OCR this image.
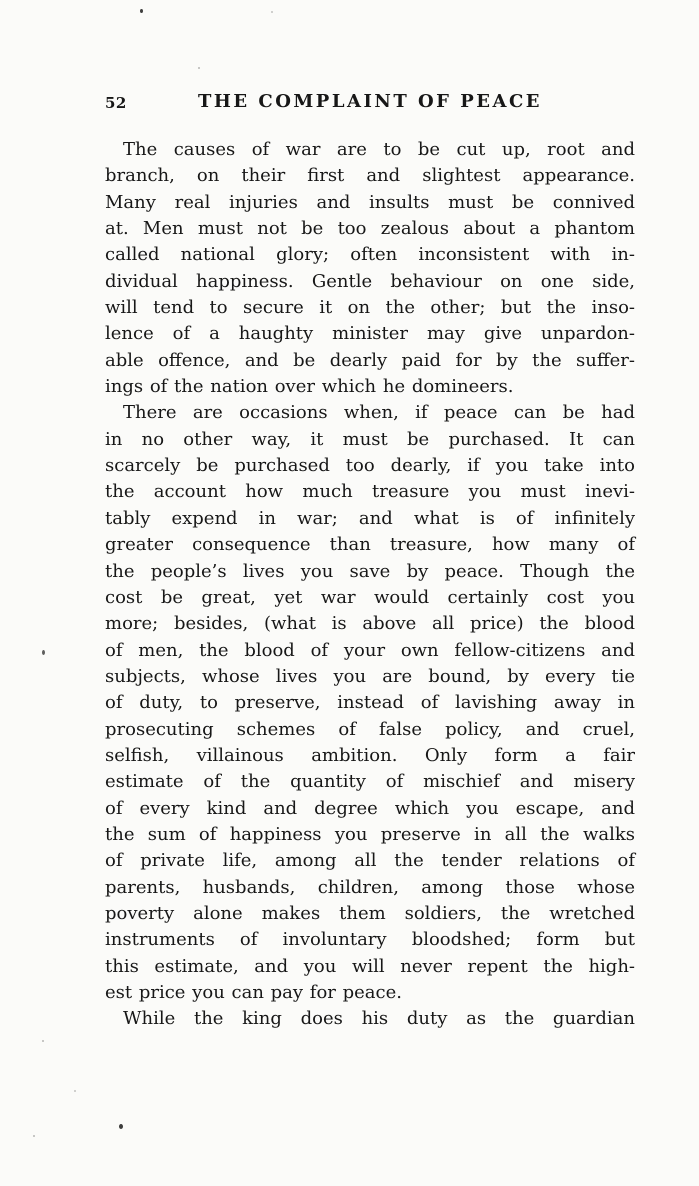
52	THE COMPLAINT OF PEACE
The causes of war are to be cut up, root and
branch, on their first and slightest appearance.
Many real injuries and insults must be connived
at. Men must not be too zealous about a phantom
called national glory; often inconsistent with in-
dividual happiness. Gentle behaviour on one side,
will tend to secure it on the other; but the inso-
lence of a haughty minister may give unpardon-
able offence, and be dearly paid for by the suffer-
ings of the nation over which he domineers.
There are occasions when, if peace can be had
in no other way, it must be purchased. It can
scarcely be purchased too dearly, if you take into
the account how much treasure you must inevi-
tably expend in war; and what is of infinitely
greater consequence than treasure, how many of
the people’s lives you save by peace. Though the
cost be great, yet war would certainly cost you
more; besides, (what is above all price) the blood
of men, the blood of your own fellow-citizens and
subjects, whose lives you are bound, by every tie
of duty, to preserve, instead of lavishing away in
prosecuting schemes of false policy, and cruel,
selfish, villainous ambition. Only form a fair
estimate of the quantity of mischief and misery
of every kind and degree which you escape, and
the sum of happiness you preserve in all the walks
of private life, among all the tender relations of
parents, husbands, children, among those whose
poverty alone makes them soldiers, the wretched
instruments of involuntary bloodshed; form but
this estimate, and you will never repent the high-
est price you can pay for peace.
While the king does his duty as the guardian
